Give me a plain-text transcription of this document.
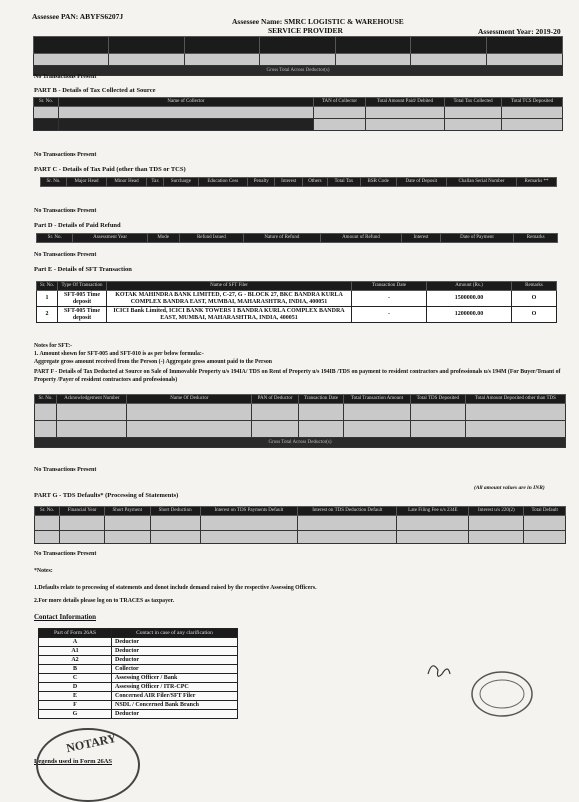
Assessee PAN: ABYFS6207J
Assessee Name: SMRC LOGISTIC & WAREHOUSE
SERVICE PROVIDER	Assessment Year: 2019-20

Gross Total Across Deductor(s)						
No Transactions Present
PART B - Details of Tax Collected at Source
Sr. No.	Name of Collector	TAN of Collector	Total Amount Paid/ Debited	Total Tax Collected	Total TCS Deposited

No Transactions Present
PART C - Details of Tax Paid (other than TDS or TCS)
Sr. No.	Major Head	Minor Head	Tax	Surcharge	Education Cess	Penalty	Interest	Others	Total Tax	BSR Code	Date of Deposit	Challan Serial Number	Remarks **
No Transactions Present
Part D - Details of Paid Refund
Sr. No.	Assessment Year	Mode	Refund Issued	Nature of Refund	Amount of Refund	Interest	Date of Payment	Remarks
No Transactions Present
Part E - Details of SFT Transaction
Sr. No.	Type Of Transaction	Name of SFT Filer	Transaction Date	Amount (Rs.)	Remarks
1	SFT-005 Time deposit	KOTAK MAHINDRA BANK LIMITED, C-27, G - BLOCK 27, BKC BANDRA KURLA COMPLEX BANDRA EAST, MUMBAI, MAHARASHTRA, INDIA, 400051	-	1500000.00	O
2	SFT-005 Time deposit	ICICI Bank Limited, ICICI BANK TOWERS 1 BANDRA KURLA COMPLEX BANDRA EAST, MUMBAI, MAHARASHTRA, INDIA, 400051	-	1200000.00	O
Notes for SFT:-
1. Amount shown for SFT-005 and SFT-010 is as per below formula:-
Aggregate gross amount received from the Person (-) Aggregate gross amount paid to the Person
PART F - Details of Tax Deducted at Source on Sale of Immovable Property u/s 194IA/ TDS on Rent of Property u/s 194IB /TDS on payment to resident contractors and professionals u/s 194M (For Buyer/Tenant of Property /Payer of resident contractors and professionals)
Sr. No.	Acknowledgement Number	Name Of Deductor	PAN of Deductor	Transaction Date	Total Transaction Amount	Total TDS Deposited	Total Amount Deposited other than TDS

Gross Total Across Deductor(s)							
No Transactions Present
(All amount values are in INR)
PART G - TDS Defaults* (Processing of Statements)
Sr. No.	Financial Year	Short Payment	Short Deduction	Interest on TDS Payments Default	Interest on TDS Deduction Default	Late Filing Fee u/s 234E	Interest u/s 220(2)	Total Default

No Transactions Present
*Notes:
1.Defaults relate to processing of statements and donot include demand raised by the respective Assessing Officers.
2.For more details please log on to TRACES as taxpayer.
Contact Information
Part of Form 26AS	Contact in case of any clarification
A	Deductor
A1	Deductor
A2	Deductor
B	Collector
C	Assessing Officer / Bank
D	Assessing Officer / ITR-CPC
E	Concerned AIR Filer/SFT Filer
F	NSDL / Concerned Bank Branch
G	Deductor
Legends used in Form 26AS
NOTARY
